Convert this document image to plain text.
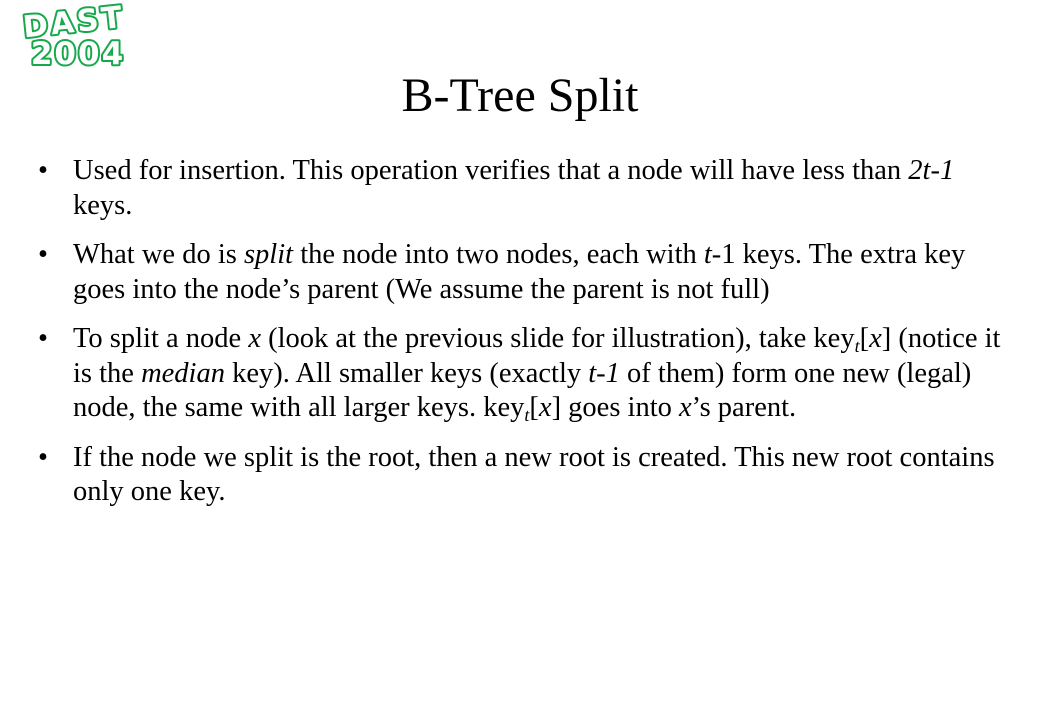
DAST
2004
B-Tree Split
• Used for insertion. This operation verifies that a node will have less than 2t-1 keys.
• What we do is split the node into two nodes, each with t-1 keys. The extra key goes into the node’s parent (We assume the parent is not full)
• To split a node x (look at the previous slide for illustration), take key$_t$[x] (notice it is the median key). All smaller keys (exactly t-1 of them) form one new (legal) node, the same with all larger keys. key$_t$[x] goes into x’s parent.
• If the node we split is the root, then a new root is created. This new root contains only one key.
